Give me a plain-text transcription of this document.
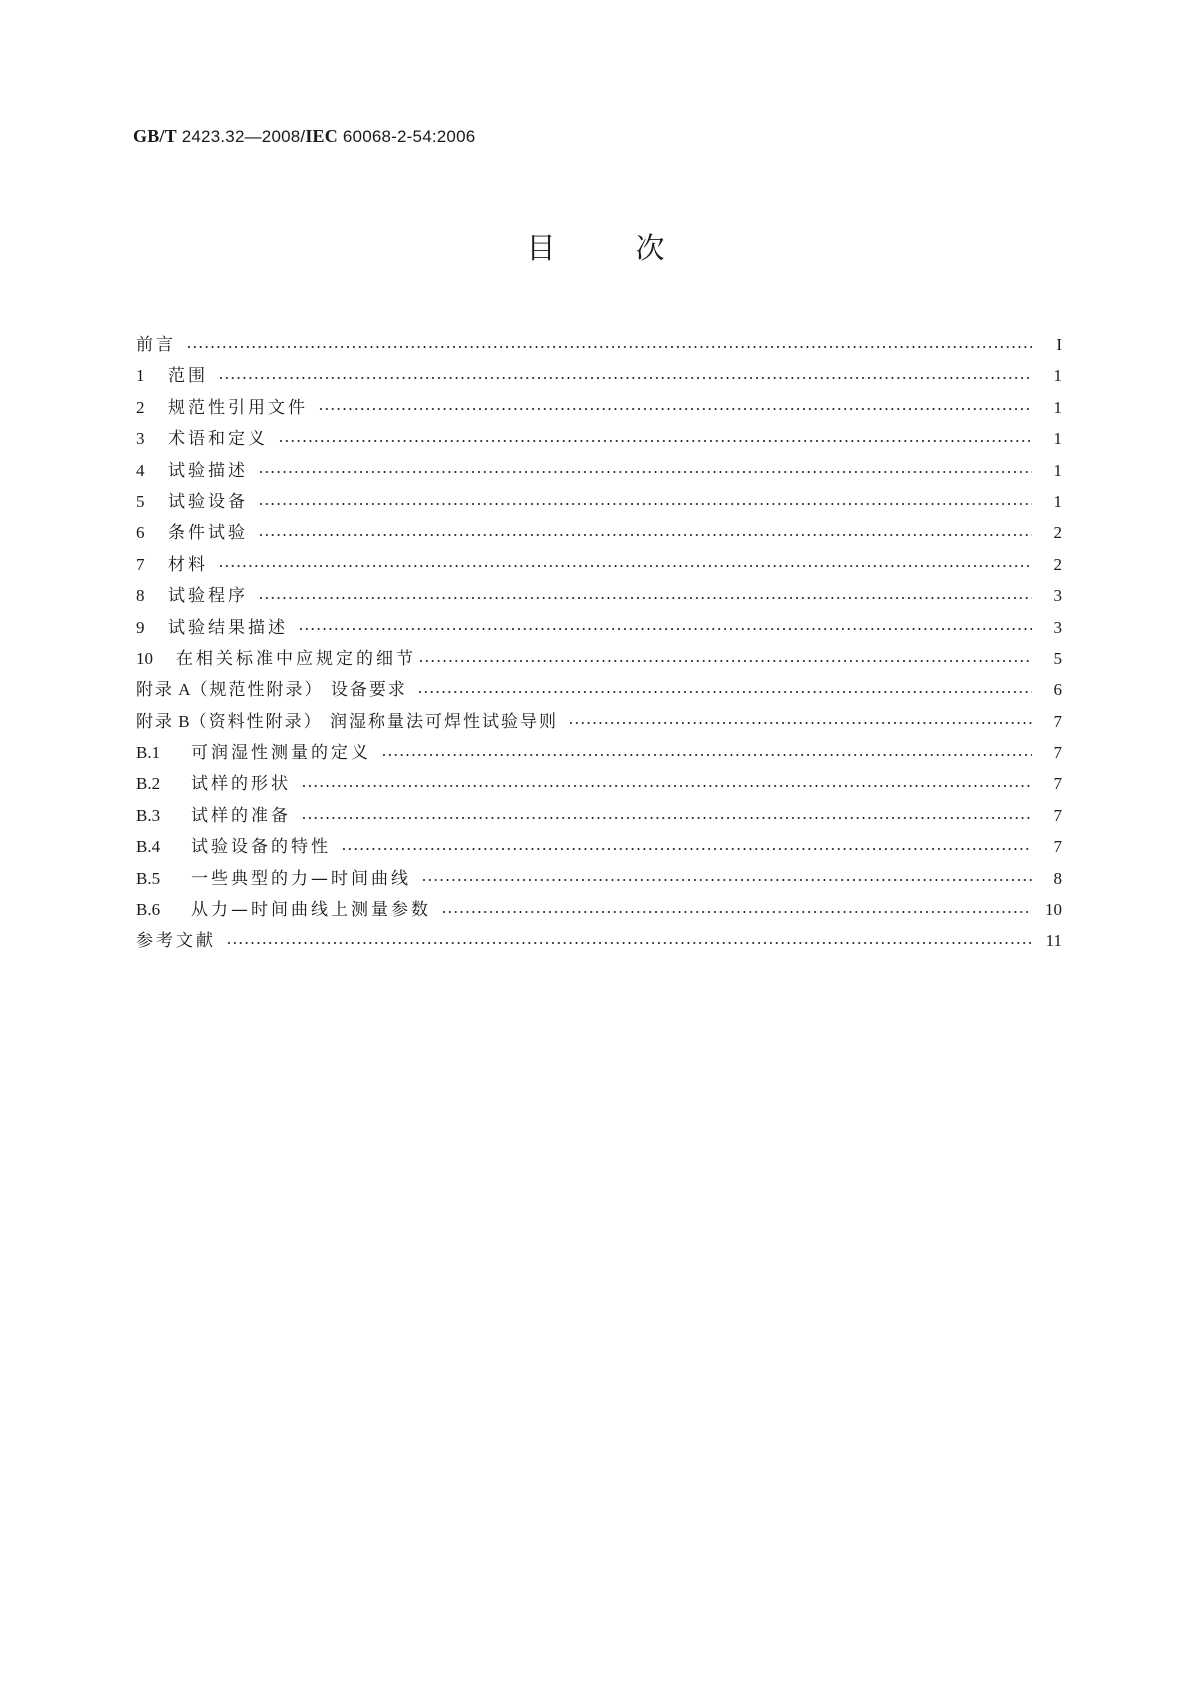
GB/T 2423.32—2008/IEC 60068-2-54:2006
目	次
前言	I
1	范围	1
2	规范性引用文件	1
3	术语和定义	1
4	试验描述	1
5	试验设备	1
6	条件试验	2
7	材料	2
8	试验程序	3
9	试验结果描述	3
10	在相关标准中应规定的细节	5
附录 A（规范性附录） 设备要求	6
附录 B（资料性附录） 润湿称量法可焊性试验导则	7
B.1	可润湿性测量的定义	7
B.2	试样的形状	7
B.3	试样的准备	7
B.4	试验设备的特性	7
B.5	一些典型的力—时间曲线	8
B.6	从力—时间曲线上测量参数	10
参考文献	11
